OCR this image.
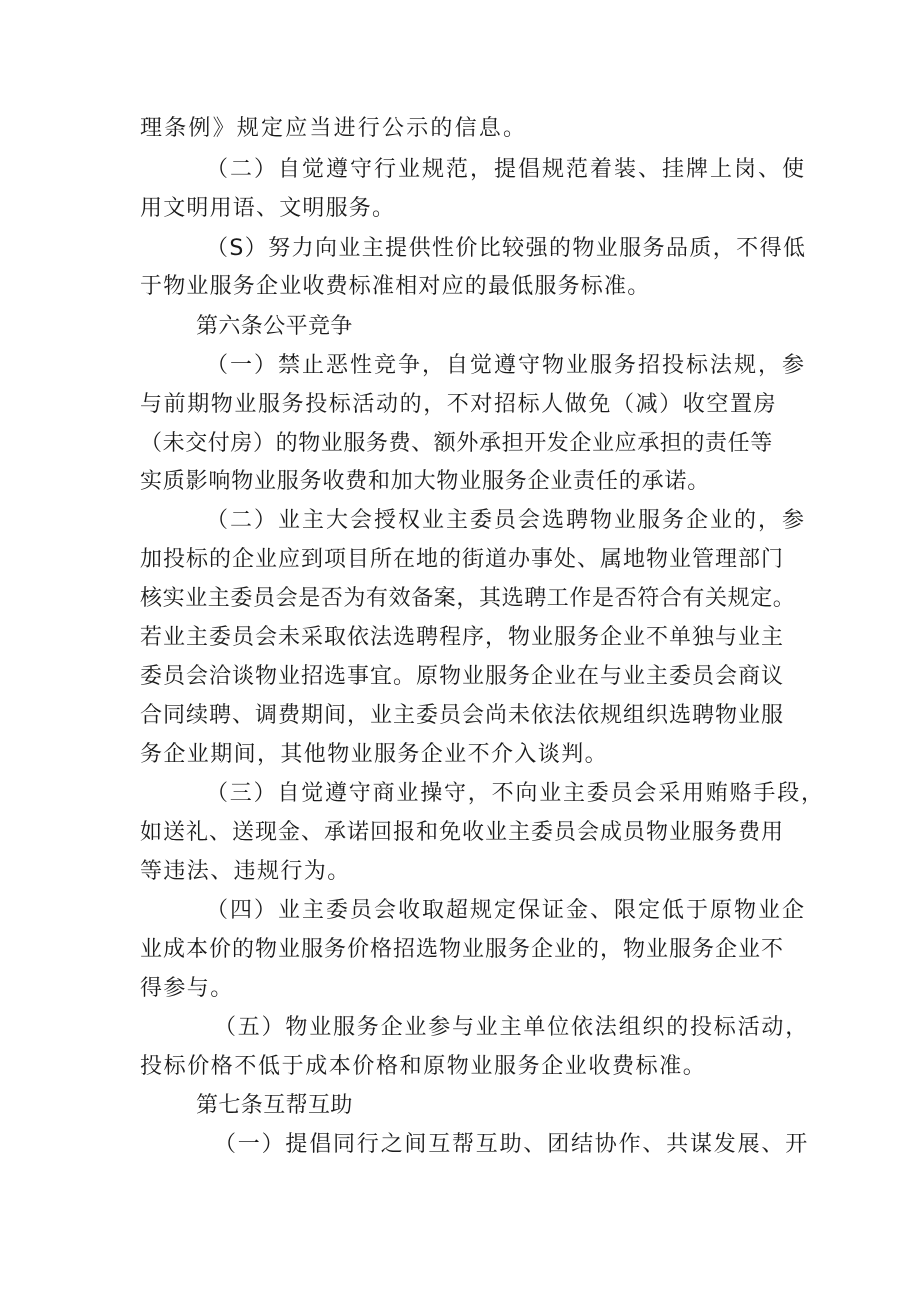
理条例》规定应当进行公示的信息。
（二）自觉遵守行业规范，提倡规范着装、挂牌上岗、使
用文明用语、文明服务。
（S）努力向业主提供性价比较强的物业服务品质，不得低
于物业服务企业收费标准相对应的最低服务标准。
第六条公平竞争
（一）禁止恶性竞争，自觉遵守物业服务招投标法规，参
与前期物业服务投标活动的，不对招标人做免（减）收空置房
（未交付房）的物业服务费、额外承担开发企业应承担的责任等
实质影响物业服务收费和加大物业服务企业责任的承诺。
（二）业主大会授权业主委员会选聘物业服务企业的，参
加投标的企业应到项目所在地的街道办事处、属地物业管理部门
核实业主委员会是否为有效备案，其选聘工作是否符合有关规定。
若业主委员会未采取依法选聘程序，物业服务企业不单独与业主
委员会洽谈物业招选事宜。原物业服务企业在与业主委员会商议
合同续聘、调费期间，业主委员会尚未依法依规组织选聘物业服
务企业期间，其他物业服务企业不介入谈判。
（三）自觉遵守商业操守，不向业主委员会采用贿赂手段，
如送礼、送现金、承诺回报和免收业主委员会成员物业服务费用
等违法、违规行为。
（四）业主委员会收取超规定保证金、限定低于原物业企
业成本价的物业服务价格招选物业服务企业的，物业服务企业不
得参与。
（五）物业服务企业参与业主单位依法组织的投标活动，
投标价格不低于成本价格和原物业服务企业收费标准。
第七条互帮互助
（一）提倡同行之间互帮互助、团结协作、共谋发展、开
